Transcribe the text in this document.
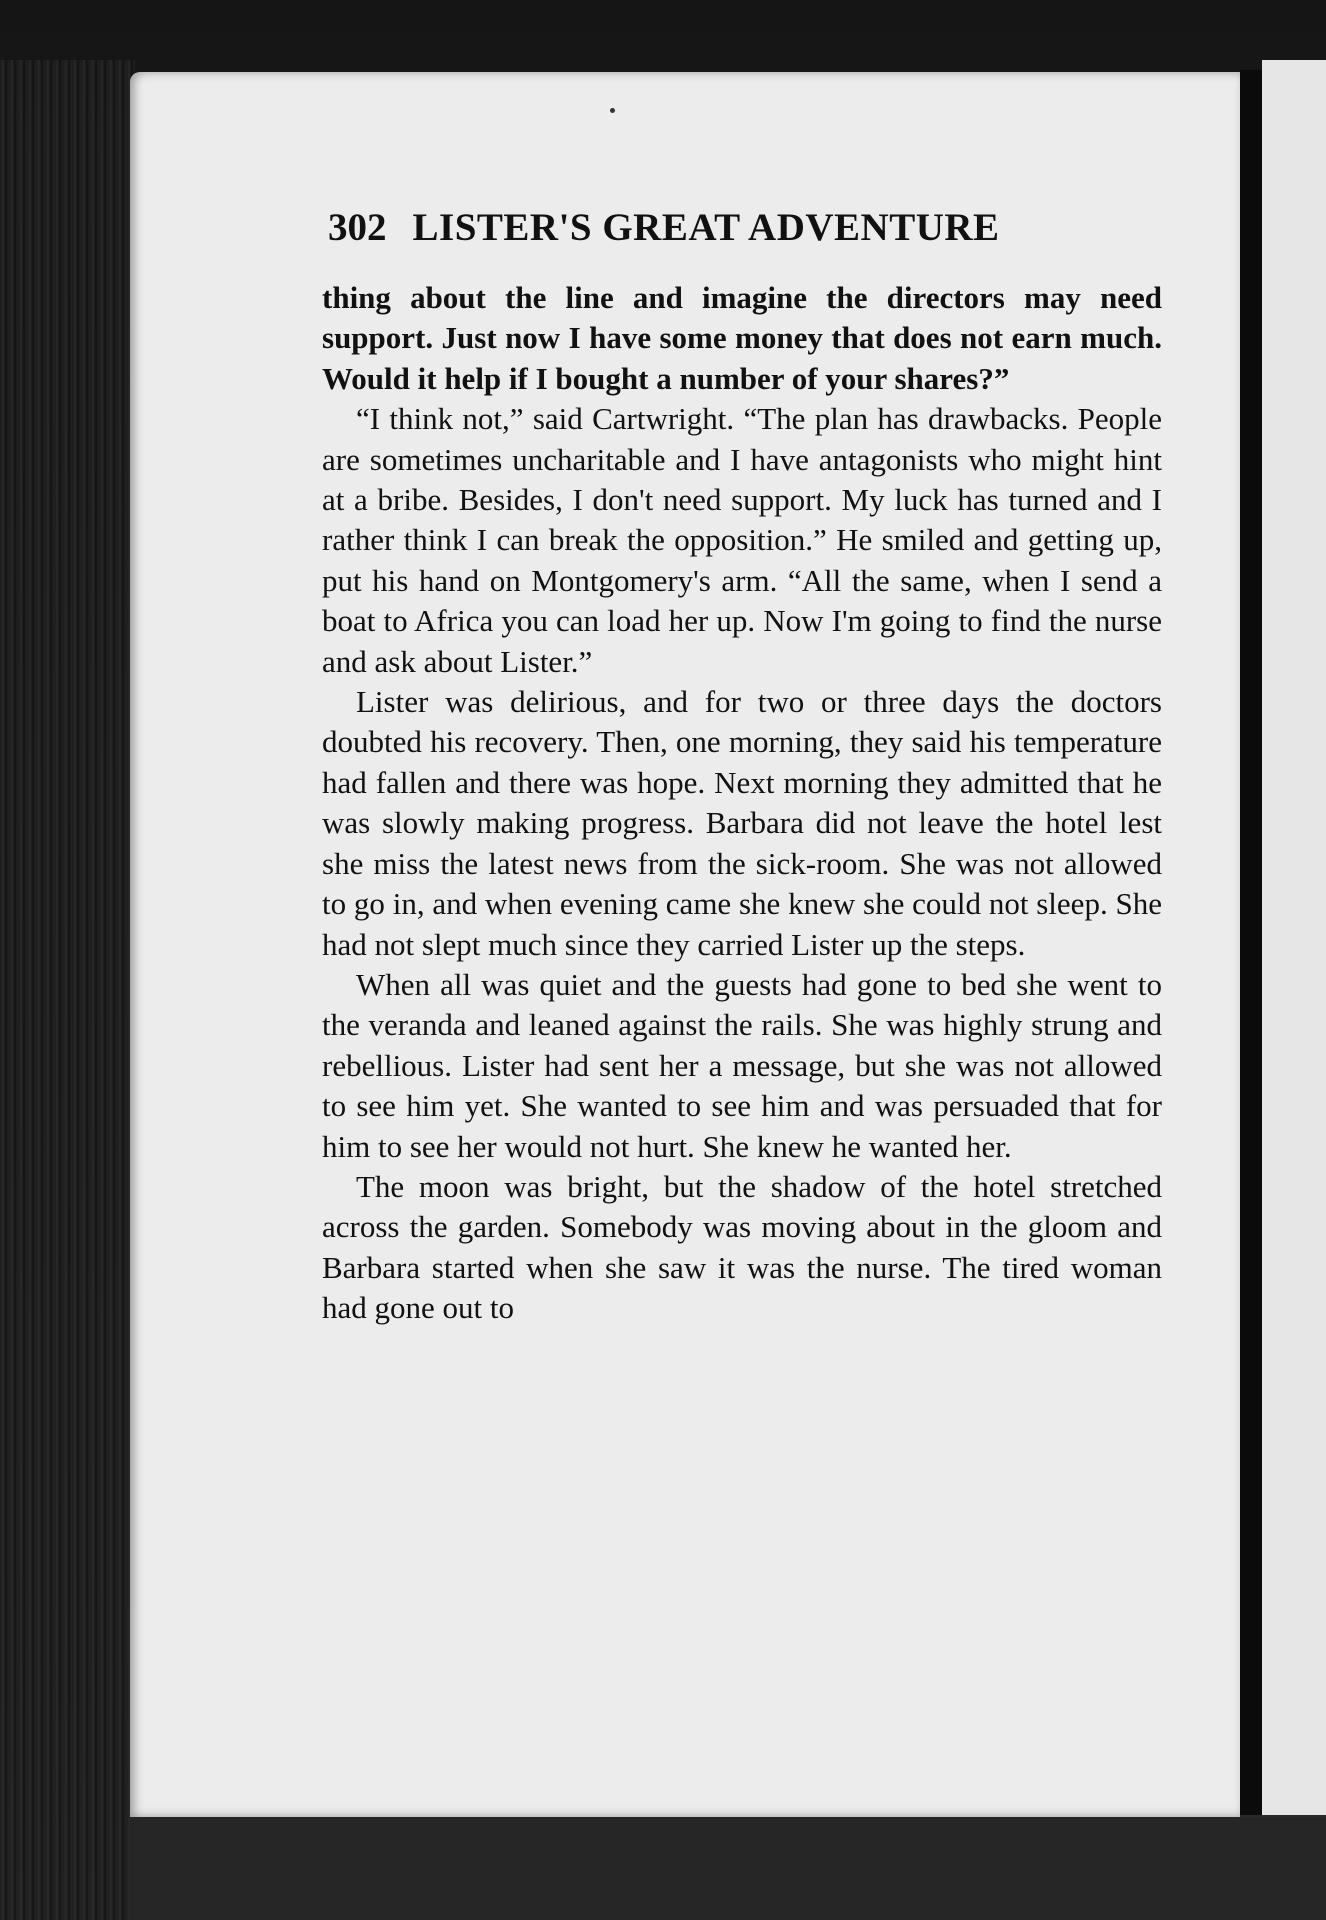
302 LISTER'S GREAT ADVENTURE

thing about the line and imagine the directors may need support. Just now I have some money that does not earn much. Would it help if I bought a number of your shares?”

“I think not,” said Cartwright. “The plan has drawbacks. People are sometimes uncharitable and I have antagonists who might hint at a bribe. Besides, I don't need support. My luck has turned and I rather think I can break the opposition.” He smiled and getting up, put his hand on Montgomery's arm. “All the same, when I send a boat to Africa you can load her up. Now I'm going to find the nurse and ask about Lister.”

Lister was delirious, and for two or three days the doctors doubted his recovery. Then, one morning, they said his temperature had fallen and there was hope. Next morning they admitted that he was slowly making progress. Barbara did not leave the hotel lest she miss the latest news from the sick-room. She was not allowed to go in, and when evening came she knew she could not sleep. She had not slept much since they carried Lister up the steps.

When all was quiet and the guests had gone to bed she went to the veranda and leaned against the rails. She was highly strung and rebellious. Lister had sent her a message, but she was not allowed to see him yet. She wanted to see him and was persuaded that for him to see her would not hurt. She knew he wanted her.

The moon was bright, but the shadow of the hotel stretched across the garden. Somebody was moving about in the gloom and Barbara started when she saw it was the nurse. The tired woman had gone out to
